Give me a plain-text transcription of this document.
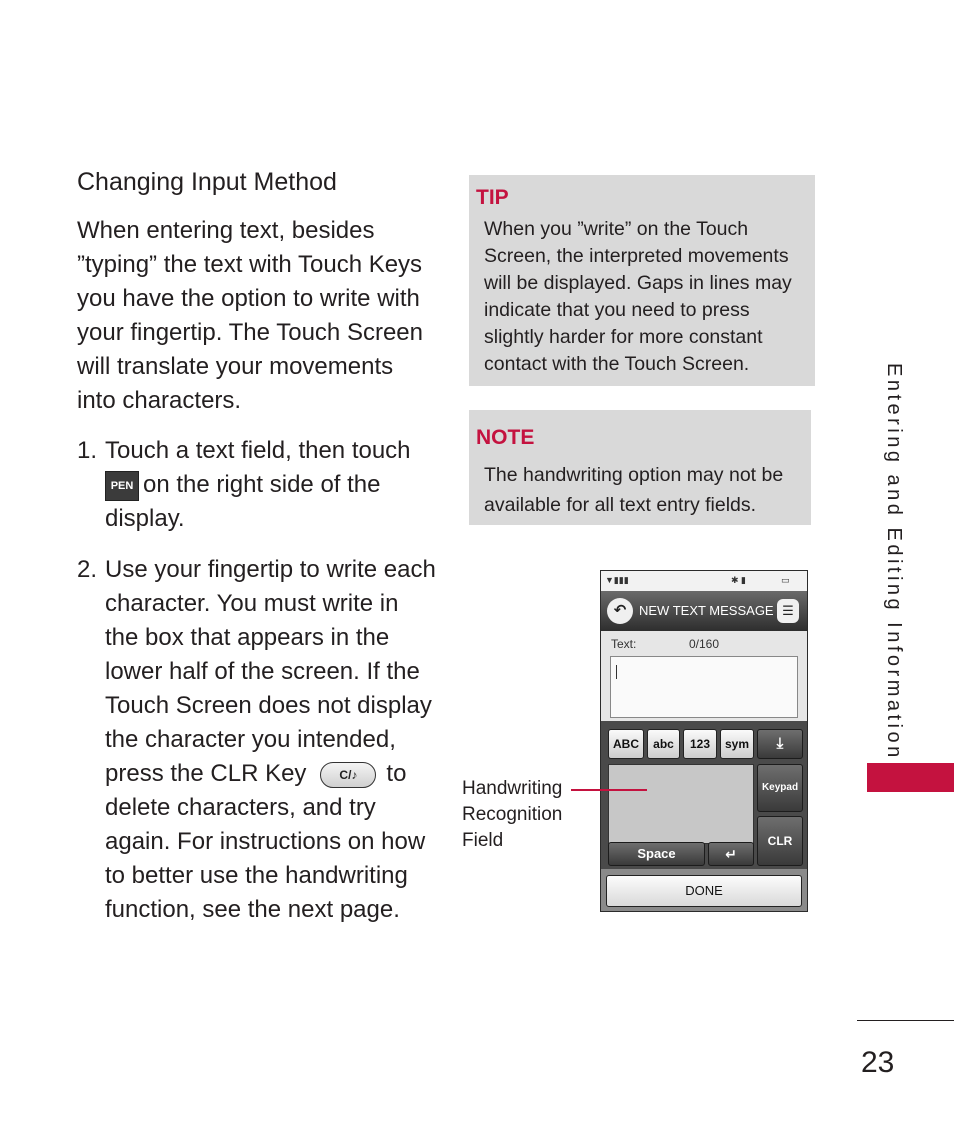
Changing Input Method
When entering text, besides ”typing” the text with Touch Keys you have the option to write with your fingertip. The Touch Screen will translate your movements into characters.
1. Touch a text field, then touch
PEN on the right side of the display.
2. Use your fingertip to write each character. You must write in the box that appears in the lower half of the screen. If the Touch Screen does not display the character you intended, press the CLR Key	C/♪ to delete characters, and try again. For instructions on how to better use the handwriting function, see the next page.
TIP
When you ”write” on the Touch Screen, the interpreted movements will be displayed. Gaps in lines may indicate that you need to press slightly harder for more constant contact with the Touch Screen.
NOTE
The handwriting option may not be available for all text entry fields.
▼▮▮▮	✱ ▮	▭
↶ NEW TEXT MESSAGE ☰
Text:	0/160
ABC	abc	123	sym	⤓
Keypad
CLR
Space	↵
DONE
Handwriting Recognition Field
Entering and Editing Information
23
